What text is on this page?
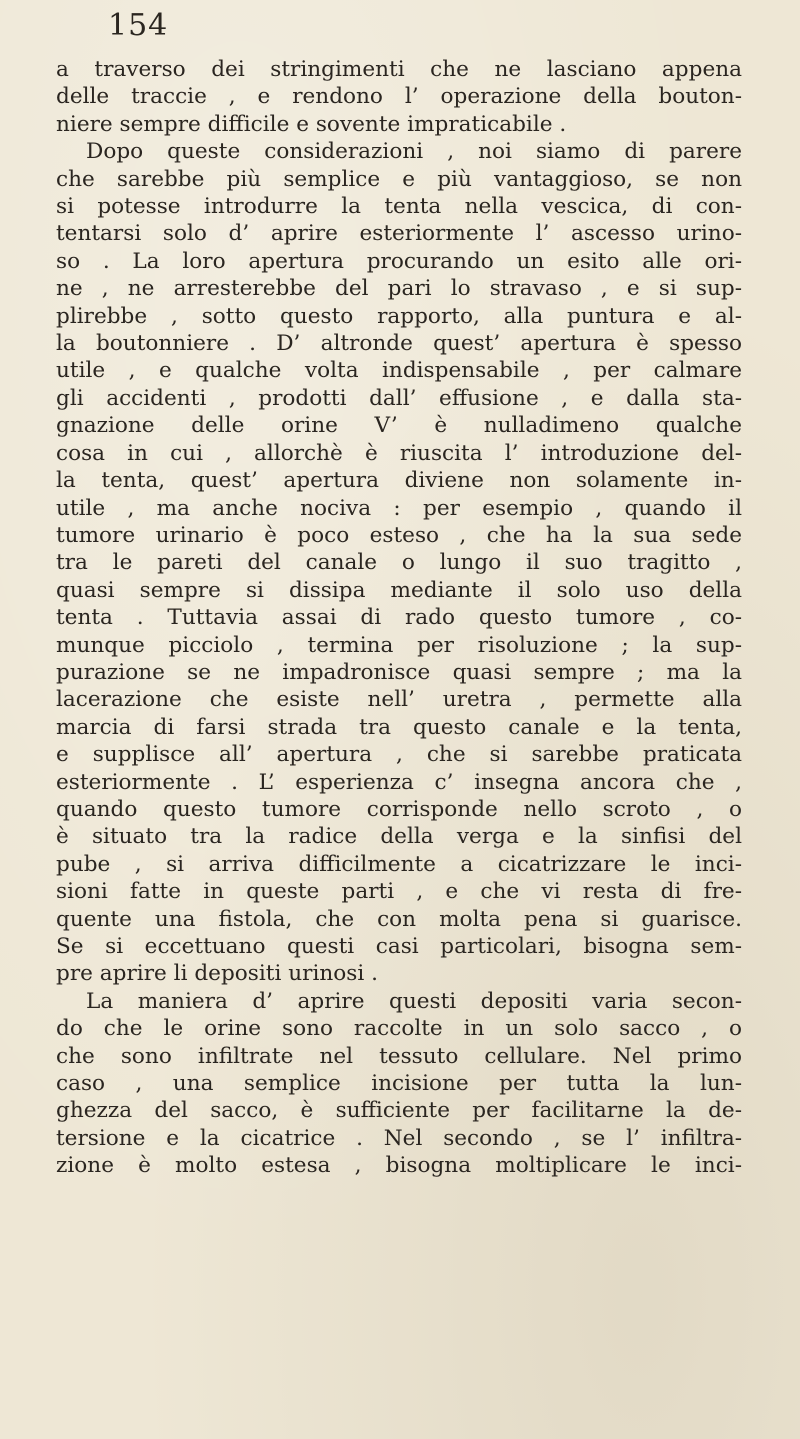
154
a traverso dei stringimenti che ne lasciano appena
delle traccie , e rendono l’ operazione della bouton-
niere sempre difficile e sovente impraticabile .
Dopo queste considerazioni , noi siamo di parere
che sarebbe più semplice e più vantaggioso, se non
si potesse introdurre la tenta nella vescica, di con-
tentarsi solo d’ aprire esteriormente l’ ascesso urino-
so . La loro apertura procurando un esito alle ori-
ne , ne arresterebbe del pari lo stravaso , e si sup-
plirebbe , sotto questo rapporto, alla puntura e al-
la boutonniere . D’ altronde quest’ apertura è spesso
utile , e qualche volta indispensabile , per calmare
gli accidenti , prodotti dall’ effusione , e dalla sta-
gnazione delle orine V’ è nulladimeno qualche
cosa in cui , allorchè è riuscita l’ introduzione del-
la tenta, quest’ apertura diviene non solamente in-
utile , ma anche nociva : per esempio , quando il
tumore urinario è poco esteso , che ha la sua sede
tra le pareti del canale o lungo il suo tragitto ,
quasi sempre si dissipa mediante il solo uso della
tenta . Tuttavia assai di rado questo tumore , co-
munque picciolo , termina per risoluzione ; la sup-
purazione se ne impadronisce quasi sempre ; ma la
lacerazione che esiste nell’ uretra , permette alla
marcia di farsi strada tra questo canale e la tenta,
e supplisce all’ apertura , che si sarebbe praticata
esteriormente . L’ esperienza c’ insegna ancora che ,
quando questo tumore corrisponde nello scroto , o
è situato tra la radice della verga e la sinfisi del
pube , si arriva difficilmente a cicatrizzare le inci-
sioni fatte in queste parti , e che vi resta di fre-
quente una fistola, che con molta pena si guarisce.
Se si eccettuano questi casi particolari, bisogna sem-
pre aprire li depositi urinosi .
La maniera d’ aprire questi depositi varia secon-
do che le orine sono raccolte in un solo sacco , o
che sono infiltrate nel tessuto cellulare. Nel primo
caso , una semplice incisione per tutta la lun-
ghezza del sacco, è sufficiente per facilitarne la de-
tersione e la cicatrice . Nel secondo , se l’ infiltra-
zione è molto estesa , bisogna moltiplicare le inci-
